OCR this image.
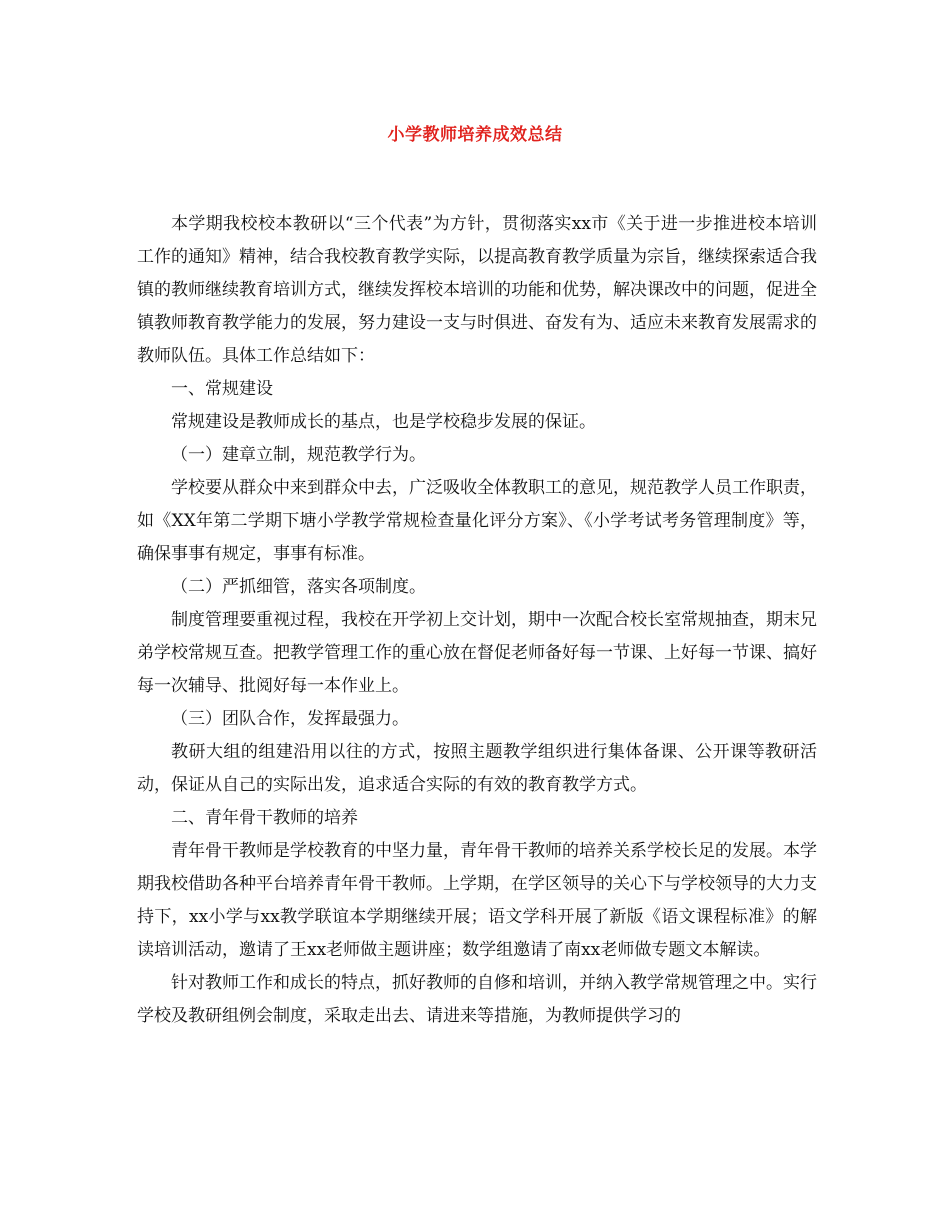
小学教师培养成效总结

本学期我校校本教研以“三个代表”为方针，贯彻落实xx市《关于进一步推进校本培训工作的通知》精神，结合我校教育教学实际，以提高教育教学质量为宗旨，继续探索适合我镇的教师继续教育培训方式，继续发挥校本培训的功能和优势，解决课改中的问题，促进全镇教师教育教学能力的发展，努力建设一支与时俱进、奋发有为、适应未来教育发展需求的教师队伍。具体工作总结如下：

一、常规建设

常规建设是教师成长的基点，也是学校稳步发展的保证。

（一）建章立制，规范教学行为。

学校要从群众中来到群众中去，广泛吸收全体教职工的意见，规范教学人员工作职责，如《XX年第二学期下塘小学教学常规检查量化评分方案》、《小学考试考务管理制度》等，确保事事有规定，事事有标准。

（二）严抓细管，落实各项制度。

制度管理要重视过程，我校在开学初上交计划，期中一次配合校长室常规抽查，期末兄弟学校常规互查。把教学管理工作的重心放在督促老师备好每一节课、上好每一节课、搞好每一次辅导、批阅好每一本作业上。

（三）团队合作，发挥最强力。

教研大组的组建沿用以往的方式，按照主题教学组织进行集体备课、公开课等教研活动，保证从自己的实际出发，追求适合实际的有效的教育教学方式。

二、青年骨干教师的培养

青年骨干教师是学校教育的中坚力量，青年骨干教师的培养关系学校长足的发展。本学期我校借助各种平台培养青年骨干教师。上学期，在学区领导的关心下与学校领导的大力支持下，xx小学与xx教学联谊本学期继续开展；语文学科开展了新版《语文课程标准》的解读培训活动，邀请了王xx老师做主题讲座；数学组邀请了南xx老师做专题文本解读。

针对教师工作和成长的特点，抓好教师的自修和培训，并纳入教学常规管理之中。实行学校及教研组例会制度，采取走出去、请进来等措施，为教师提供学习的
